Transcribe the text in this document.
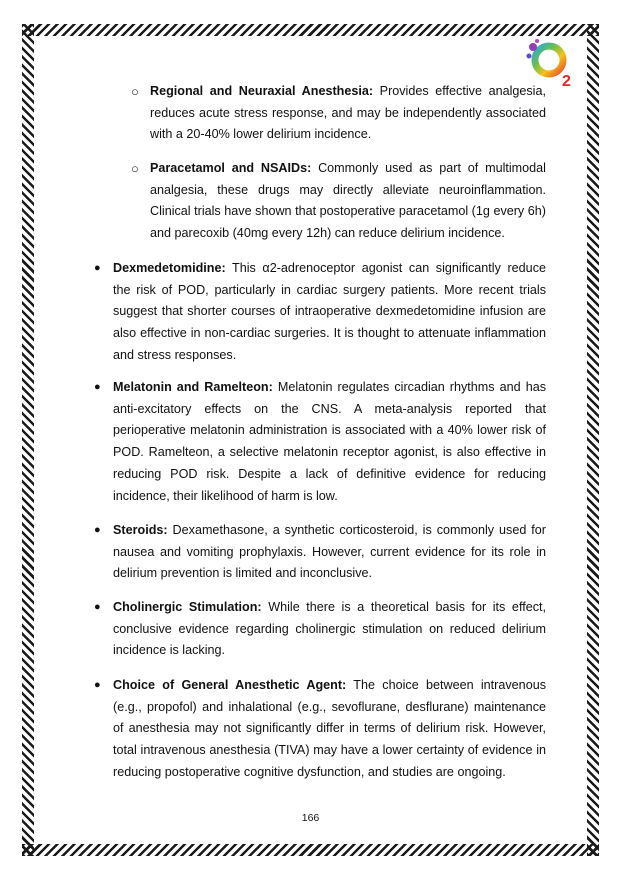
2
○ Regional and Neuraxial Anesthesia: Provides effective analgesia, reduces acute stress response, and may be independently associated with a 20-40% lower delirium incidence.

○ Paracetamol and NSAIDs: Commonly used as part of multimodal analgesia, these drugs may directly alleviate neuroinflammation. Clinical trials have shown that postoperative paracetamol (1g every 6h) and parecoxib (40mg every 12h) can reduce delirium incidence.

● Dexmedetomidine: This α2-adrenoceptor agonist can significantly reduce the risk of POD, particularly in cardiac surgery patients. More recent trials suggest that shorter courses of intraoperative dexmedetomidine infusion are also effective in non-cardiac surgeries. It is thought to attenuate inflammation and stress responses.

● Melatonin and Ramelteon: Melatonin regulates circadian rhythms and has anti-excitatory effects on the CNS. A meta-analysis reported that perioperative melatonin administration is associated with a 40% lower risk of POD. Ramelteon, a selective melatonin receptor agonist, is also effective in reducing POD risk. Despite a lack of definitive evidence for reducing incidence, their likelihood of harm is low.

● Steroids: Dexamethasone, a synthetic corticosteroid, is commonly used for nausea and vomiting prophylaxis. However, current evidence for its role in delirium prevention is limited and inconclusive.

● Cholinergic Stimulation: While there is a theoretical basis for its effect, conclusive evidence regarding cholinergic stimulation on reduced delirium incidence is lacking.

● Choice of General Anesthetic Agent: The choice between intravenous (e.g., propofol) and inhalational (e.g., sevoflurane, desflurane) maintenance of anesthesia may not significantly differ in terms of delirium risk. However, total intravenous anesthesia (TIVA) may have a lower certainty of evidence in reducing postoperative cognitive dysfunction, and studies are ongoing.

166
